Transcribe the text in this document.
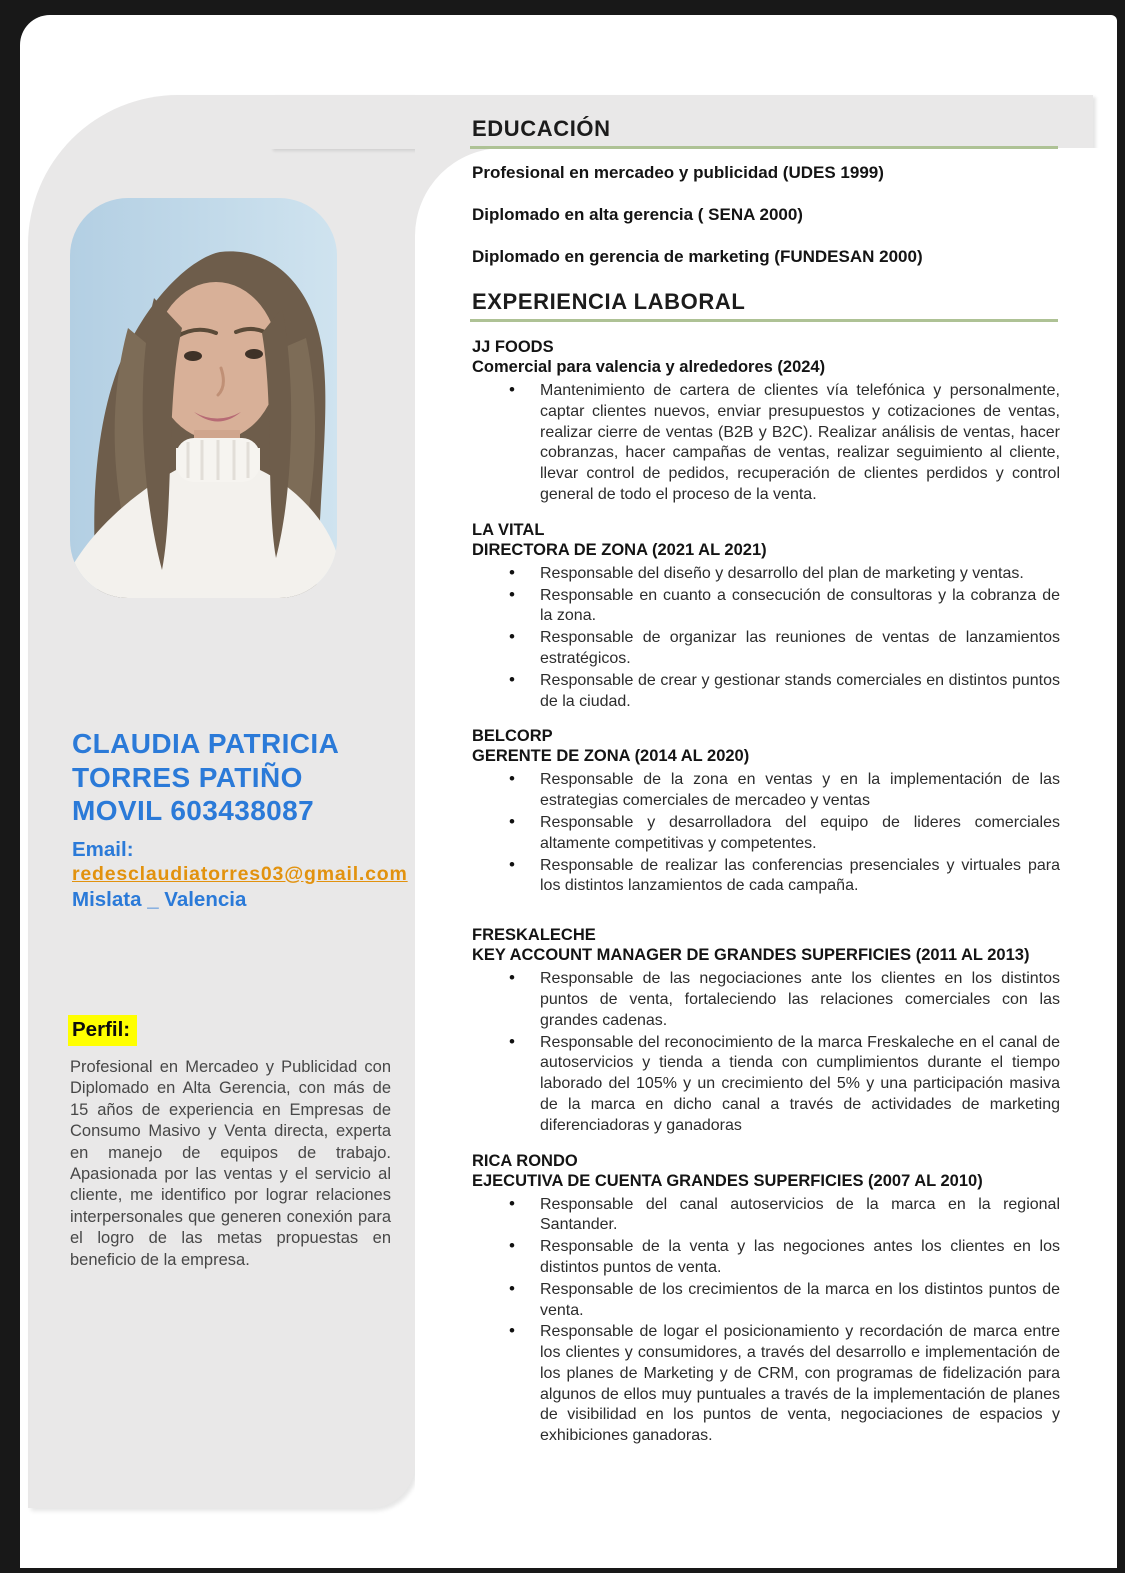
CLAUDIA PATRICIA
TORRES PATIÑO
MOVIL 603438087
Email:
redesclaudiatorres03@gmail.com
Mislata _ Valencia
Perfil:
Profesional en Mercadeo y Publicidad con Diplomado en Alta Gerencia, con más de 15 años de experiencia en Empresas de Consumo Masivo y Venta directa, experta en manejo de equipos de trabajo. Apasionada por las ventas y el servicio al cliente, me identifico por lograr relaciones interpersonales que generen conexión para el logro de las metas propuestas en beneficio de la empresa.
EDUCACIÓN
Profesional en mercadeo y publicidad (UDES 1999)
Diplomado en alta gerencia ( SENA 2000)
Diplomado en gerencia de marketing (FUNDESAN 2000)
EXPERIENCIA LABORAL
JJ FOODS
Comercial para valencia y alrededores (2024)
• Mantenimiento de cartera de clientes vía telefónica y personalmente, captar clientes nuevos, enviar presupuestos y cotizaciones de ventas, realizar cierre de ventas (B2B y B2C). Realizar análisis de ventas, hacer cobranzas, hacer campañas de ventas, realizar seguimiento al cliente, llevar control de pedidos, recuperación de clientes perdidos y control general de todo el proceso de la venta.
LA VITAL
DIRECTORA DE ZONA (2021 AL 2021)
• Responsable del diseño y desarrollo del plan de marketing y ventas.
• Responsable en cuanto a consecución de consultoras y la cobranza de la zona.
• Responsable de organizar las reuniones de ventas de lanzamientos estratégicos.
• Responsable de crear y gestionar stands comerciales en distintos puntos de la ciudad.
BELCORP
GERENTE DE ZONA (2014 AL 2020)
• Responsable de la zona en ventas y en la implementación de las estrategias comerciales de mercadeo y ventas
• Responsable y desarrolladora del equipo de lideres comerciales altamente competitivas y competentes.
• Responsable de realizar las conferencias presenciales y virtuales para los distintos lanzamientos de cada campaña.
FRESKALECHE
KEY ACCOUNT MANAGER DE GRANDES SUPERFICIES (2011 AL 2013)
• Responsable de las negociaciones ante los clientes en los distintos puntos de venta, fortaleciendo las relaciones comerciales con las grandes cadenas.
• Responsable del reconocimiento de la marca Freskaleche en el canal de autoservicios y tienda a tienda con cumplimientos durante el tiempo laborado del 105% y un crecimiento del 5% y una participación masiva de la marca en dicho canal a través de actividades de marketing diferenciadoras y ganadoras
RICA RONDO
EJECUTIVA DE CUENTA GRANDES SUPERFICIES (2007 AL 2010)
• Responsable del canal autoservicios de la marca en la regional Santander.
• Responsable de la venta y las negociones antes los clientes en los distintos puntos de venta.
• Responsable de los crecimientos de la marca en los distintos puntos de venta.
• Responsable de logar el posicionamiento y recordación de marca entre los clientes y consumidores, a través del desarrollo e implementación de los planes de Marketing y de CRM, con programas de fidelización para algunos de ellos muy puntuales a través de la implementación de planes de visibilidad en los puntos de venta, negociaciones de espacios y exhibiciones ganadoras.
